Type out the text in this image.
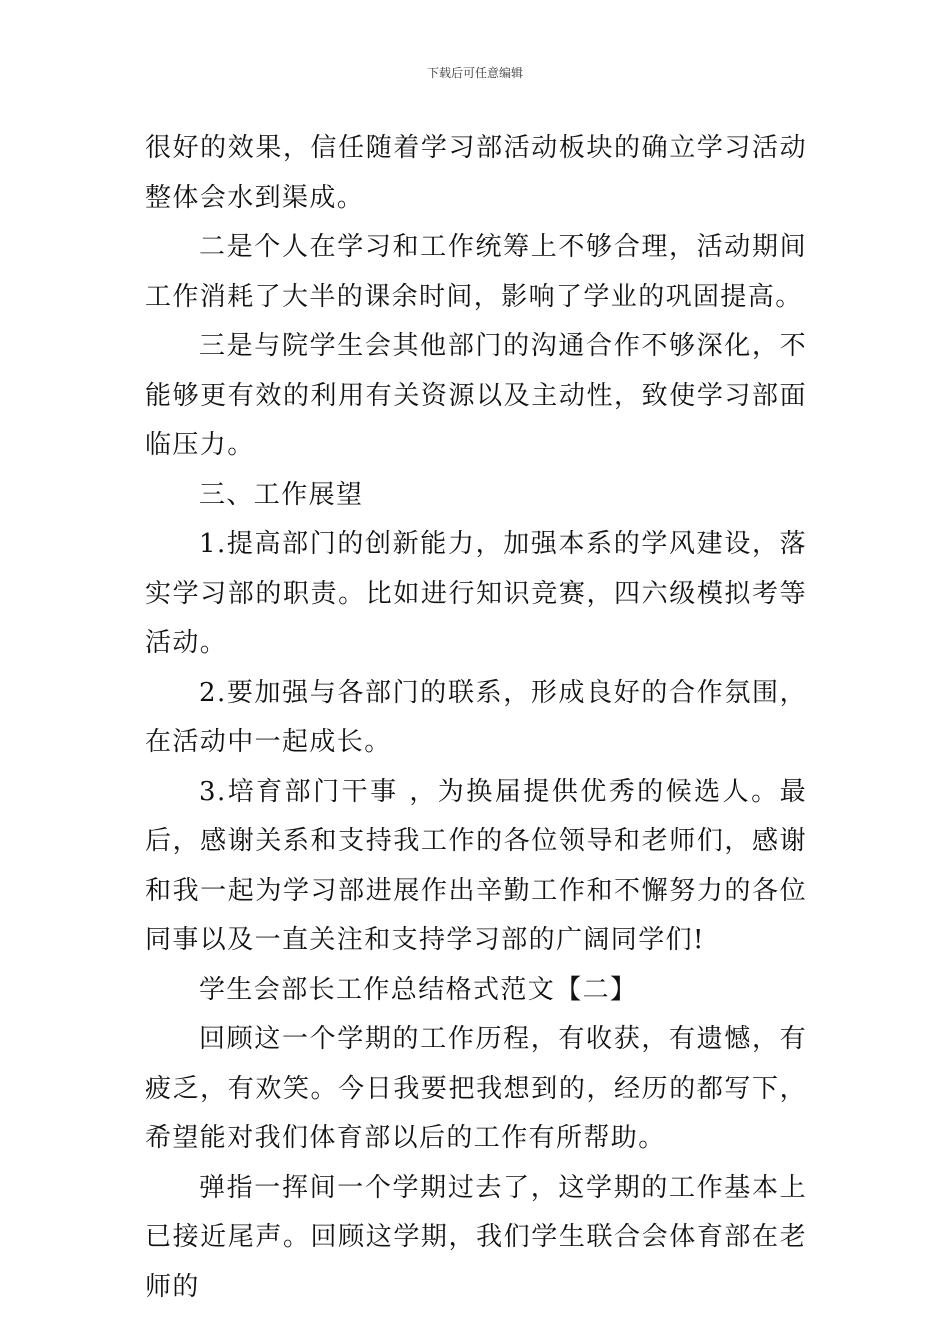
下载后可任意编辑

很好的效果，信任随着学习部活动板块的确立学习活动整体会水到渠成。

二是个人在学习和工作统筹上不够合理，活动期间工作消耗了大半的课余时间，影响了学业的巩固提高。

三是与院学生会其他部门的沟通合作不够深化，不能够更有效的利用有关资源以及主动性，致使学习部面临压力。

三、工作展望

1.提高部门的创新能力，加强本系的学风建设，落实学习部的职责。比如进行知识竞赛，四六级模拟考等活动。

2.要加强与各部门的联系，形成良好的合作氛围，在活动中一起成长。

3.培育部门干事 ，为换届提供优秀的候选人。最后，感谢关系和支持我工作的各位领导和老师们，感谢和我一起为学习部进展作出辛勤工作和不懈努力的各位同事以及一直关注和支持学习部的广阔同学们!

学生会部长工作总结格式范文【二】

回顾这一个学期的工作历程，有收获，有遗憾，有疲乏，有欢笑。今日我要把我想到的，经历的都写下，希望能对我们体育部以后的工作有所帮助。

弹指一挥间一个学期过去了，这学期的工作基本上已接近尾声。回顾这学期，我们学生联合会体育部在老师的
